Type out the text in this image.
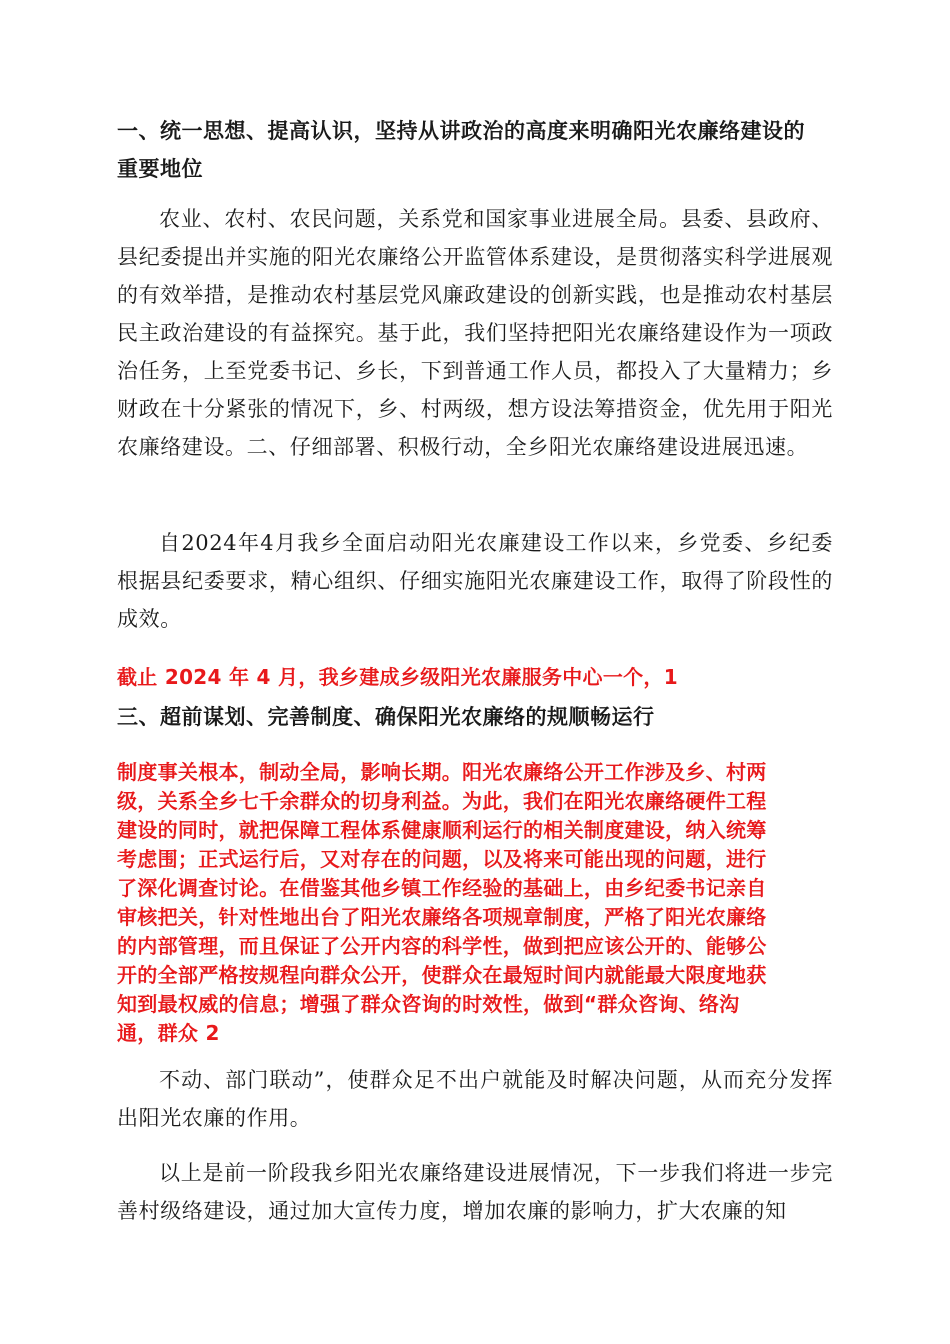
一、统一思想、提高认识，坚持从讲政治的高度来明确阳光农廉络建设的
重要地位

农业、农村、农民问题，关系党和国家事业进展全局。县委、县政府、县纪委提出并实施的阳光农廉络公开监管体系建设，是贯彻落实科学进展观的有效举措，是推动农村基层党风廉政建设的创新实践，也是推动农村基层民主政治建设的有益探究。基于此，我们坚持把阳光农廉络建设作为一项政治任务，上至党委书记、乡长，下到普通工作人员，都投入了大量精力；乡财政在十分紧张的情况下，乡、村两级，想方设法筹措资金，优先用于阳光农廉络建设。二、仔细部署、积极行动，全乡阳光农廉络建设进展迅速。

自2024年4月我乡全面启动阳光农廉建设工作以来，乡党委、乡纪委根据县纪委要求，精心组织、仔细实施阳光农廉建设工作，取得了阶段性的成效。

截止 2024 年 4 月，我乡建成乡级阳光农廉服务中心一个，1
三、超前谋划、完善制度、确保阳光农廉络的规顺畅运行
制度事关根本，制动全局，影响长期。阳光农廉络公开工作涉及乡、村两
级，关系全乡七千余群众的切身利益。为此，我们在阳光农廉络硬件工程
建设的同时，就把保障工程体系健康顺利运行的相关制度建设，纳入统筹
考虑围；正式运行后，又对存在的问题，以及将来可能出现的问题，进行
了深化调查讨论。在借鉴其他乡镇工作经验的基础上，由乡纪委书记亲自
审核把关，针对性地出台了阳光农廉络各项规章制度，严格了阳光农廉络
的内部管理，而且保证了公开内容的科学性，做到把应该公开的、能够公
开的全部严格按规程向群众公开，使群众在最短时间内就能最大限度地获
知到最权威的信息；增强了群众咨询的时效性，做到“群众咨询、络沟
通，群众 2

不动、部门联动”，使群众足不出户就能及时解决问题，从而充分发挥出阳光农廉的作用。

以上是前一阶段我乡阳光农廉络建设进展情况，下一步我们将进一步完善村级络建设，通过加大宣传力度，增加农廉的影响力，扩大农廉的知
